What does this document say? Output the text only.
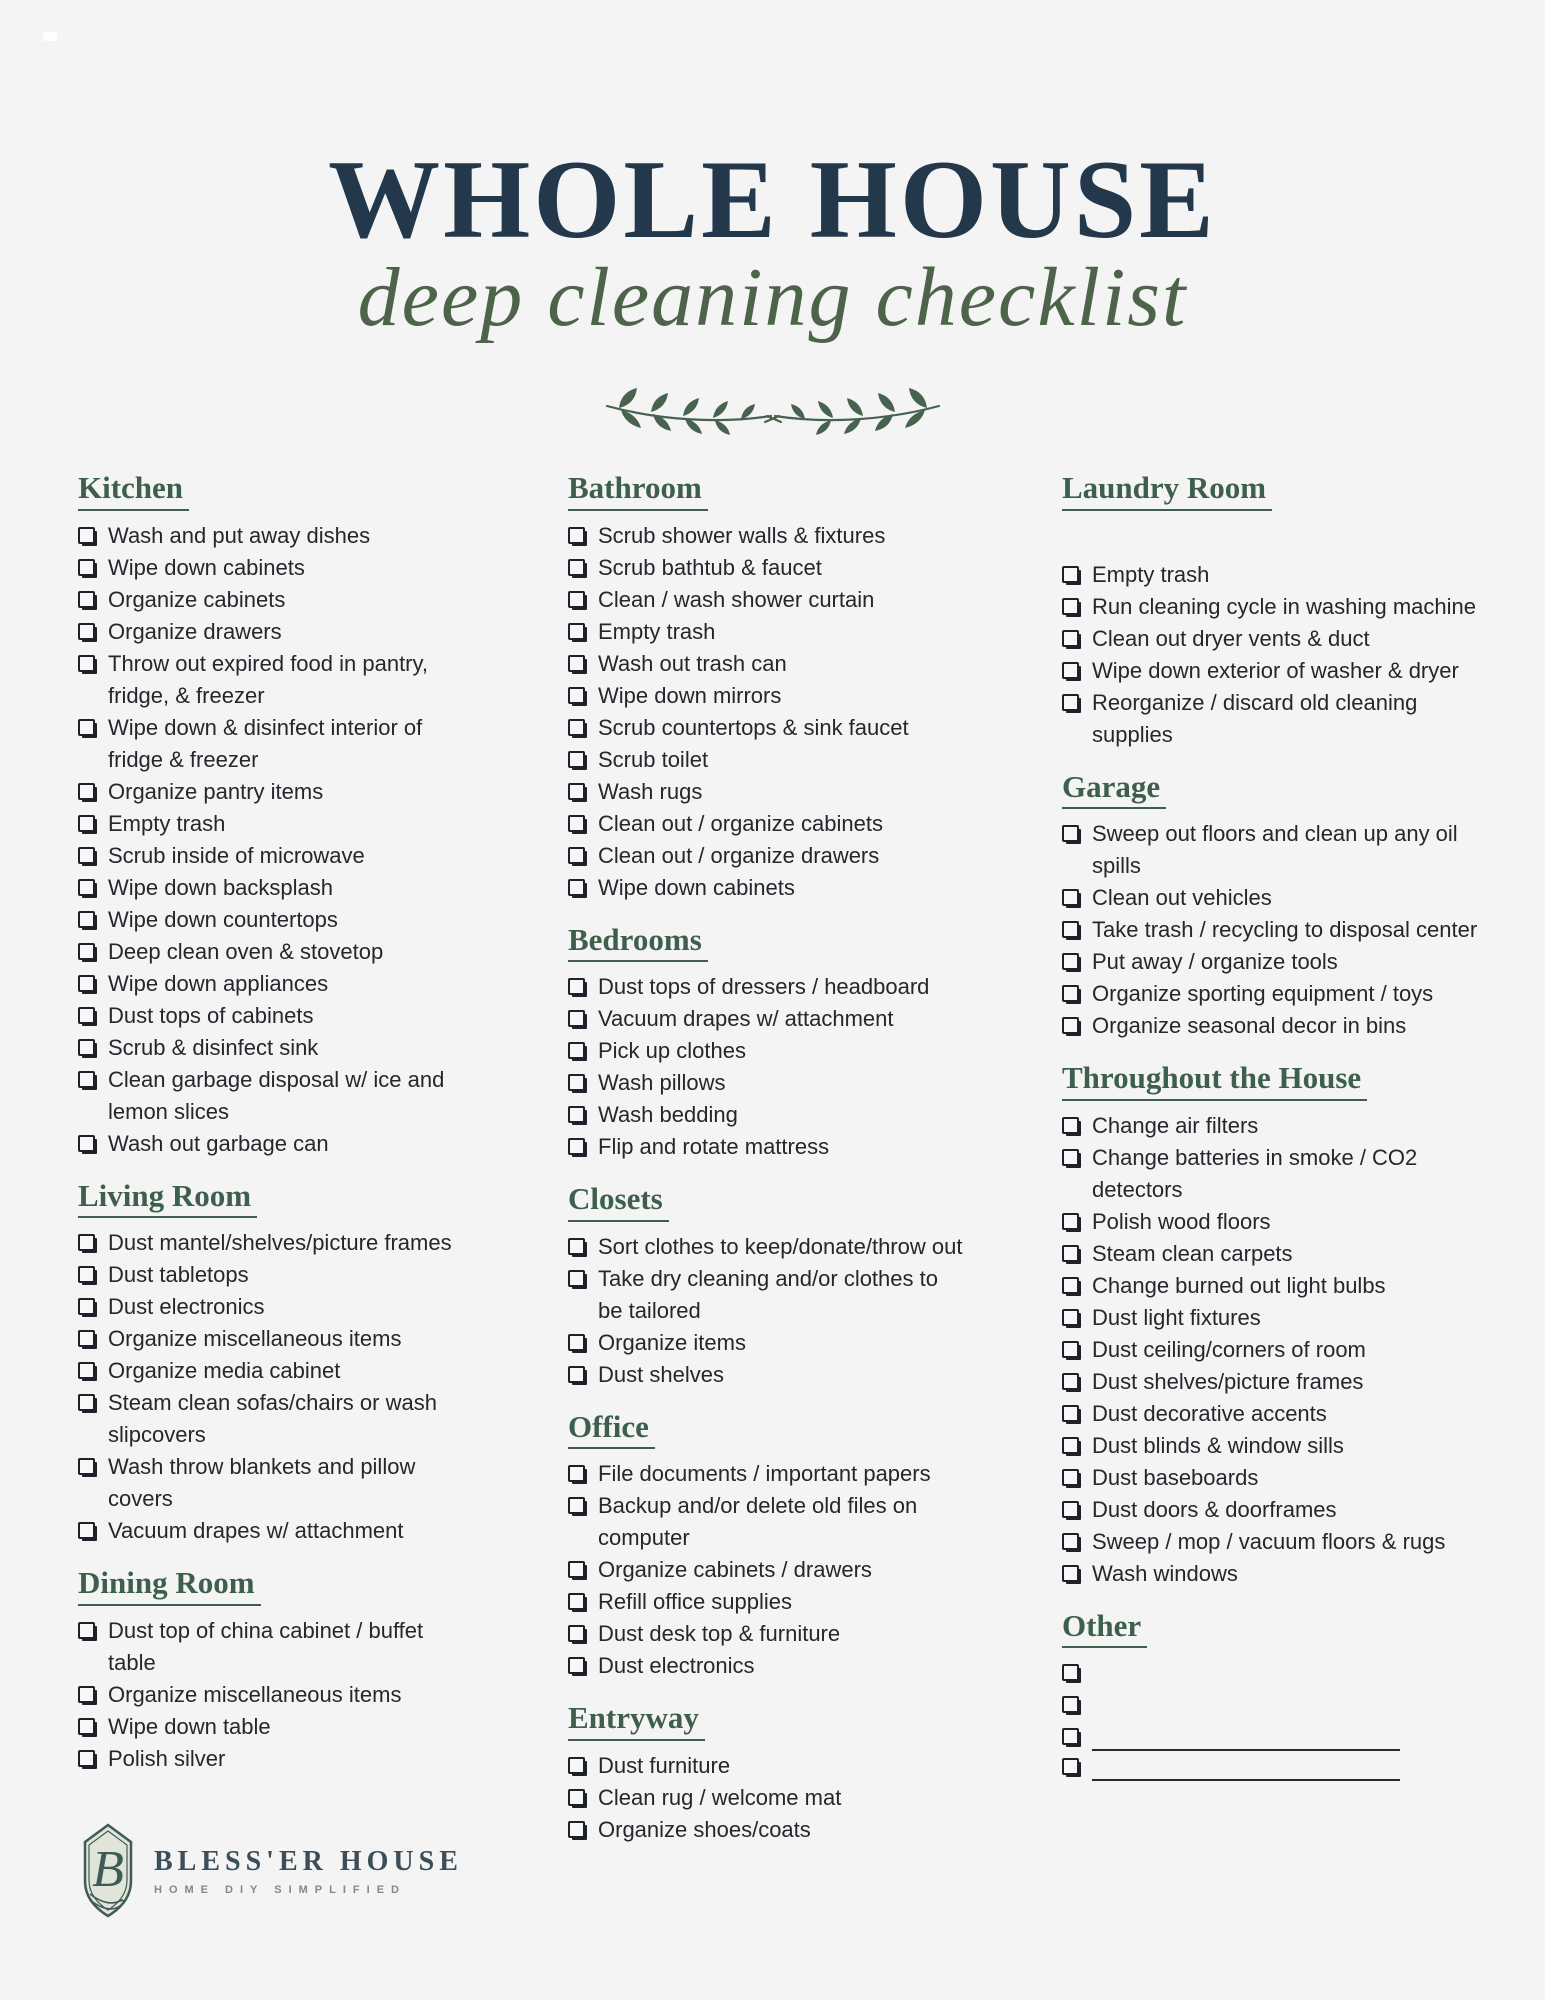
WHOLE HOUSE
deep cleaning checklist
Kitchen
Wash and put away dishes
Wipe down cabinets
Organize cabinets
Organize drawers
Throw out expired food in pantry, fridge, & freezer
Wipe down & disinfect interior of fridge & freezer
Organize pantry items
Empty trash
Scrub inside of microwave
Wipe down backsplash
Wipe down countertops
Deep clean oven & stovetop
Wipe down appliances
Dust tops of cabinets
Scrub & disinfect sink
Clean garbage disposal w/ ice and lemon slices
Wash out garbage can
Living Room
Dust mantel/shelves/picture frames
Dust tabletops
Dust electronics
Organize miscellaneous items
Organize media cabinet
Steam clean sofas/chairs or wash slipcovers
Wash throw blankets and pillow covers
Vacuum drapes w/ attachment
Dining Room
Dust top of china cabinet / buffet table
Organize miscellaneous items
Wipe down table
Polish silver
Bathroom
Scrub shower walls & fixtures
Scrub bathtub & faucet
Clean / wash shower curtain
Empty trash
Wash out trash can
Wipe down mirrors
Scrub countertops & sink faucet
Scrub toilet
Wash rugs
Clean out / organize cabinets
Clean out / organize drawers
Wipe down cabinets
Bedrooms
Dust tops of dressers / headboard
Vacuum drapes w/ attachment
Pick up clothes
Wash pillows
Wash bedding
Flip and rotate mattress
Closets
Sort clothes to keep/donate/throw out
Take dry cleaning and/or clothes to be tailored
Organize items
Dust shelves
Office
File documents / important papers
Backup and/or delete old files on computer
Organize cabinets / drawers
Refill office supplies
Dust desk top & furniture
Dust electronics
Entryway
Dust furniture
Clean rug / welcome mat
Organize shoes/coats
Laundry Room
Empty trash
Run cleaning cycle in washing machine
Clean out dryer vents & duct
Wipe down exterior of washer & dryer
Reorganize / discard old cleaning supplies
Garage
Sweep out floors and clean up any oil spills
Clean out vehicles
Take trash / recycling to disposal center
Put away / organize tools
Organize sporting equipment / toys
Organize seasonal decor in bins
Throughout the House
Change air filters
Change batteries in smoke / CO2 detectors
Polish wood floors
Steam clean carpets
Change burned out light bulbs
Dust light fixtures
Dust ceiling/corners of room
Dust shelves/picture frames
Dust decorative accents
Dust blinds & window sills
Dust baseboards
Dust doors & doorframes
Sweep / mop / vacuum floors & rugs
Wash windows
Other
B BLESS'ER HOUSE
HOME DIY SIMPLIFIED
